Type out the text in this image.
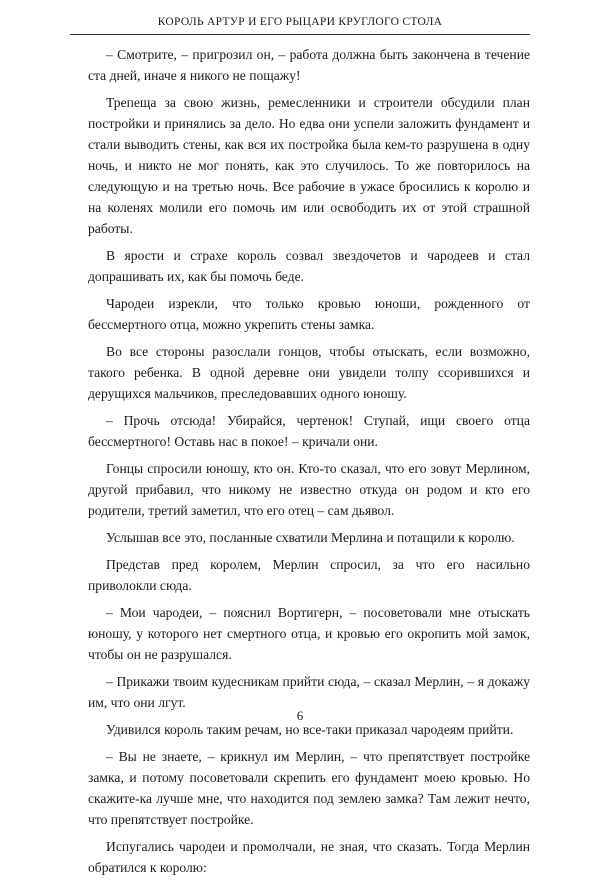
КОРОЛЬ АРТУР И ЕГО РЫЦАРИ КРУГЛОГО СТОЛА

– Смотрите, – пригрозил он, – работа должна быть закончена в течение ста дней, иначе я никого не пощажу!

Трепеща за свою жизнь, ремесленники и строители обсудили план постройки и принялись за дело. Но едва они успели заложить фундамент и стали выводить стены, как вся их постройка была кем-то разрушена в одну ночь, и никто не мог понять, как это случилось. То же повторилось на следующую и на третью ночь. Все рабочие в ужасе бросились к королю и на коленях молили его помочь им или освободить их от этой страшной работы.

В ярости и страхе король созвал звездочетов и чародеев и стал допрашивать их, как бы помочь беде.

Чародеи изрекли, что только кровью юноши, рожденного от бессмертного отца, можно укрепить стены замка.

Во все стороны разослали гонцов, чтобы отыскать, если возможно, такого ребенка. В одной деревне они увидели толпу ссорившихся и дерущихся мальчиков, преследовавших одного юношу.

– Прочь отсюда! Убирайся, чертенок! Ступай, ищи своего отца бессмертного! Оставь нас в покое! – кричали они.

Гонцы спросили юношу, кто он. Кто-то сказал, что его зовут Мерлином, другой прибавил, что никому не известно откуда он родом и кто его родители, третий заметил, что его отец – сам дьявол.

Услышав все это, посланные схватили Мерлина и потащили к королю.

Представ пред королем, Мерлин спросил, за что его насильно приволокли сюда.

– Мои чародеи, – пояснил Вортигерн, – посоветовали мне отыскать юношу, у которого нет смертного отца, и кровью его окропить мой замок, чтобы он не разрушался.

– Прикажи твоим кудесникам прийти сюда, – сказал Мерлин, – я докажу им, что они лгут.

Удивился король таким речам, но все-таки приказал чародеям прийти.

– Вы не знаете, – крикнул им Мерлин, – что препятствует постройке замка, и потому посоветовали скрепить его фундамент моею кровью. Но скажите-ка лучше мне, что находится под землею замка? Там лежит нечто, что препятствует постройке.

Испугались чародеи и промолчали, не зная, что сказать. Тогда Мерлин обратился к королю:

6
